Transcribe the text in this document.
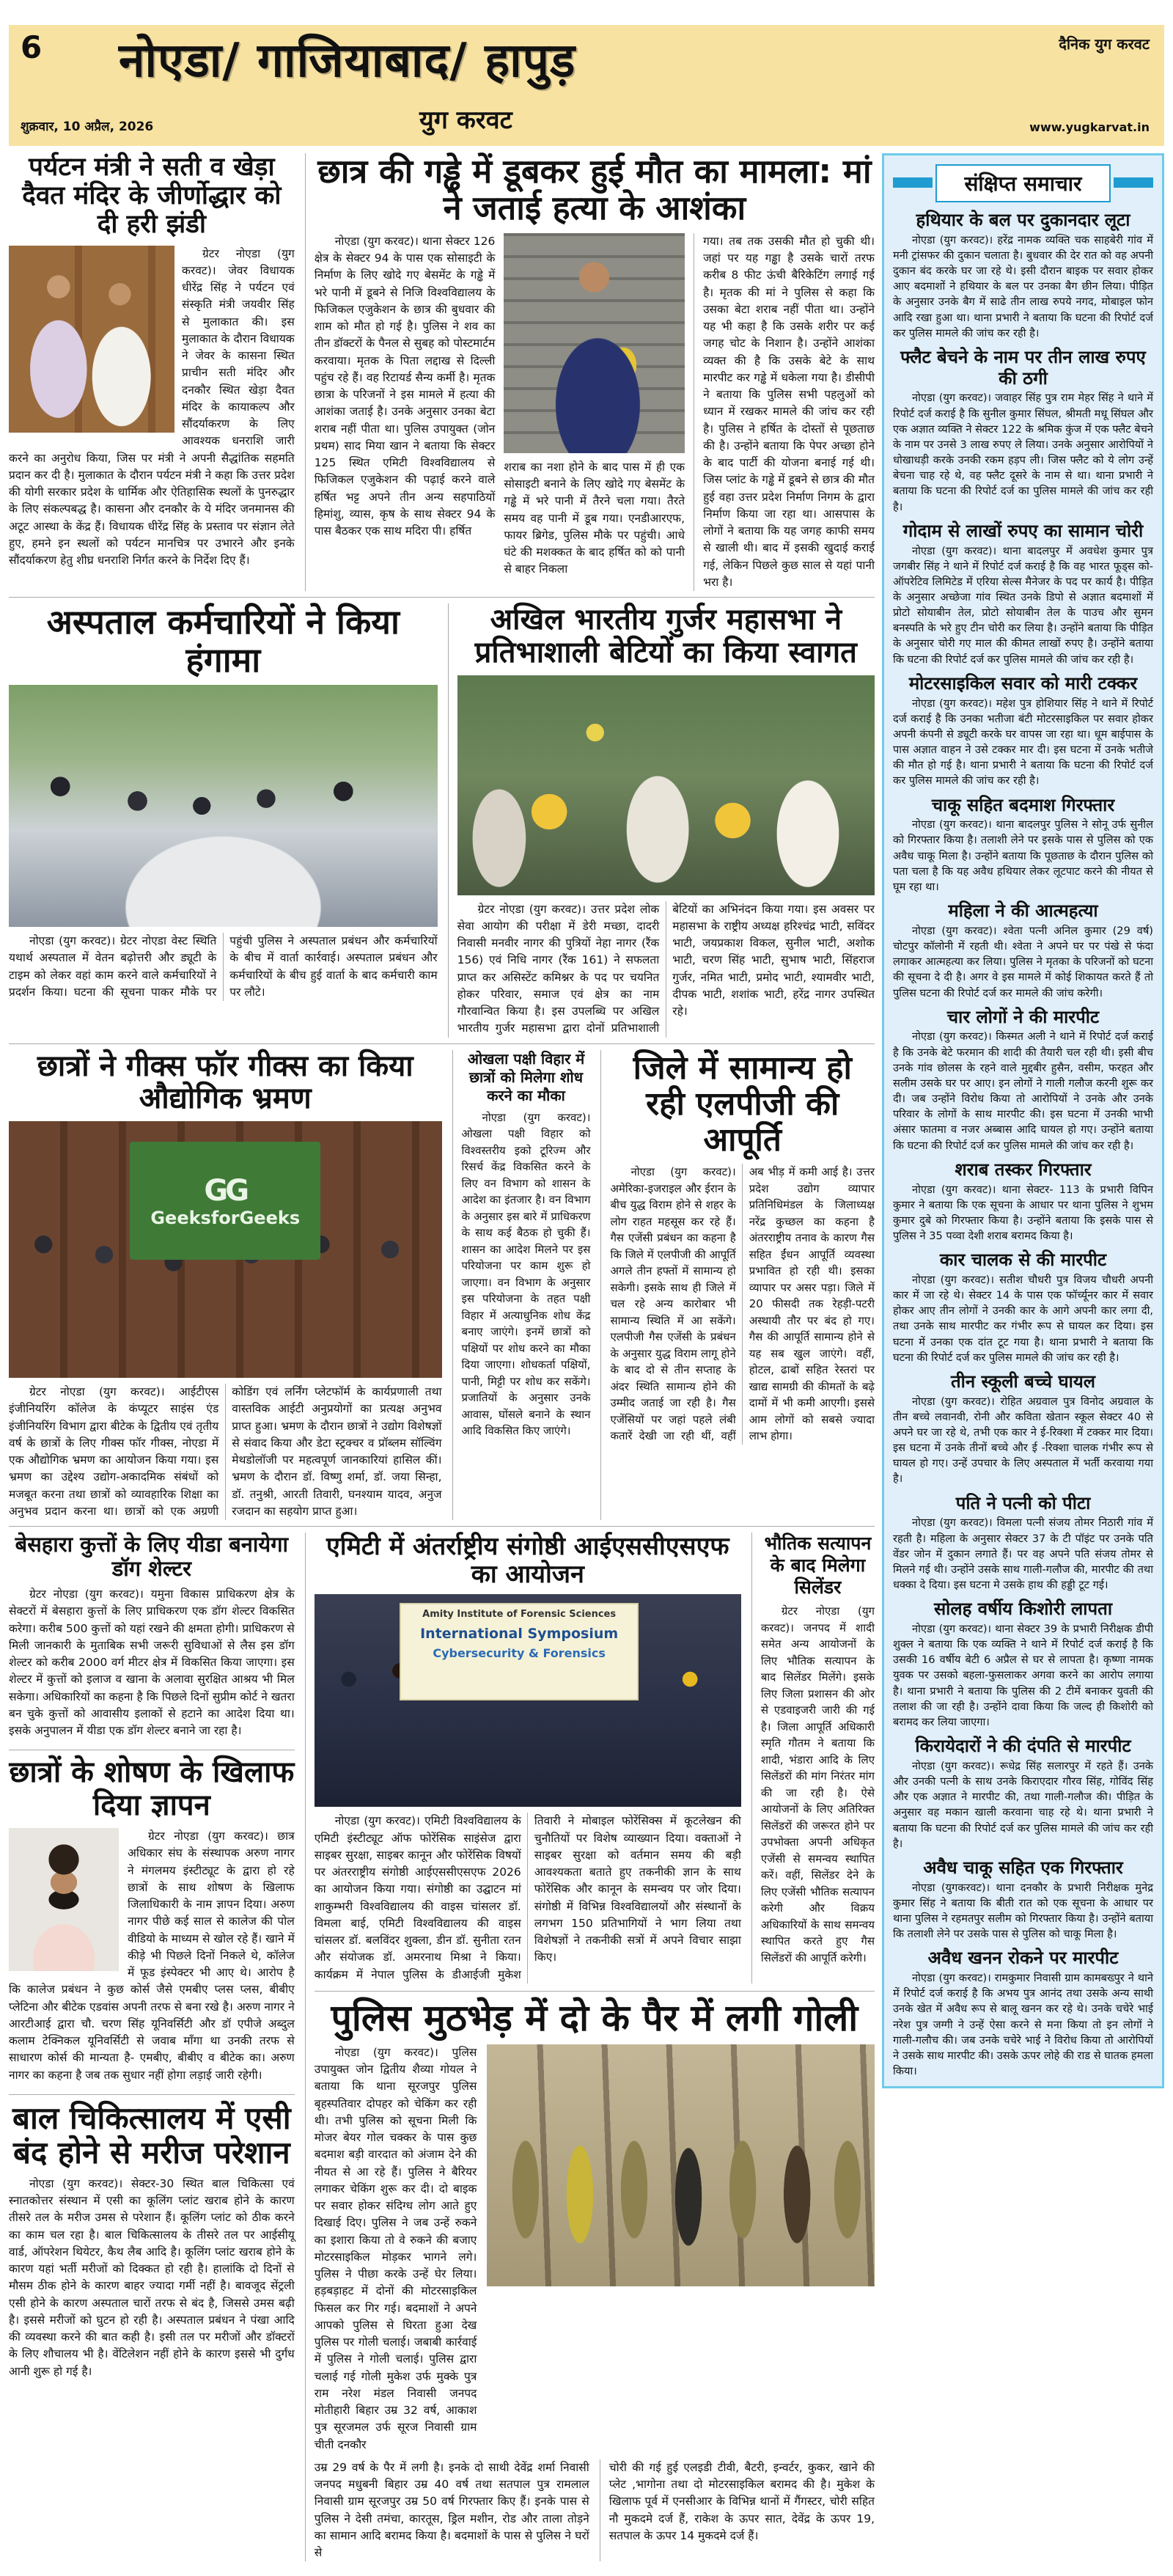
6	दैनिक युग करवट
नोएडा/ गाजियाबाद/ हापुड़
युग करवट
शुक्रवार, 10 अप्रैल, 2026	www.yugkarvat.in
पर्यटन मंत्री ने सती व खेड़ा दैवत मंदिर के जीर्णोद्धार को दी हरी झंडी

ग्रेटर नोएडा (युग करवट)। जेवर विधायक धीरेंद्र सिंह ने पर्यटन एवं संस्कृति मंत्री जयवीर सिंह से मुलाकात की। इस मुलाकात के दौरान विधायक ने जेवर के कासना स्थित प्राचीन सती मंदिर और दनकौर स्थित खेड़ा दैवत मंदिर के कायाकल्प और सौंदर्याकरण के लिए आवश्यक धनराशि जारी करने का अनुरोध किया, जिस पर मंत्री ने अपनी सैद्धांतिक सहमति प्रदान कर दी है। मुलाकात के दौरान पर्यटन मंत्री ने कहा कि उत्तर प्रदेश की योगी सरकार प्रदेश के धार्मिक और ऐतिहासिक स्थलों के पुनरुद्धार के लिए संकल्पबद्ध है। कासना और दनकौर के ये मंदिर जनमानस की अटूट आस्था के केंद्र हैं। विधायक धीरेंद्र सिंह के प्रस्ताव पर संज्ञान लेते हुए, हमने इन स्थलों को पर्यटन मानचित्र पर उभारने और इनके सौंदर्याकरण हेतु शीघ्र धनराशि निर्गत करने के निर्देश दिए हैं।

छात्र की गड्ढे में डूबकर हुई मौत का मामला: मां ने जताई हत्या के आशंका

नोएडा (युग करवट)। थाना सेक्टर 126 क्षेत्र के सेक्टर 94 के पास एक सोसाइटी के निर्माण के लिए खोदे गए बेसमेंट के गड्ढे में भरे पानी में डूबने से निजि विश्वविद्यालय के फिजिकल एजुकेशन के छात्र की बुधवार की शाम को मौत हो गई है। पुलिस ने शव का तीन डॉक्टरों के पैनल से सुबह को पोस्टमार्टम करवाया। मृतक के पिता लद्दाख से दिल्ली पहुंच रहे हैं। वह रिटायर्ड सैन्य कर्मी है। मृतक छात्रा के परिजनों ने इस मामले में हत्या की आशंका जताई है। उनके अनुसार उनका बेटा शराब नहीं पीता था। पुलिस उपायुक्त (जोन प्रथम) साद मिया खान ने बताया कि सेक्टर 125 स्थित एमिटी विश्वविद्यालय से फिजिकल एजुकेशन की पढ़ाई करने वाले हर्षित भट्ट अपने तीन अन्य सहपाठियों हिमांशु, व्यास, कृष के साथ सेक्टर 94 के पास बैठकर एक साथ मदिरा पी। हर्षित

शराब का नशा होने के बाद पास में ही एक सोसाइटी बनाने के लिए खोदे गए बेसमेंट के गड्ढे में भरे पानी में तैरने चला गया। तैरते समय वह पानी में डूब गया। एनडीआरएफ, फायर ब्रिगेड, पुलिस मौके पर पहुंची। आधे घंटे की मशक्कत के बाद हर्षित को को पानी से बाहर निकला

गया। तब तक उसकी मौत हो चुकी थी। जहां पर यह गड्ढा है उसके चारों तरफ करीब 8 फीट ऊंची बैरिकेटिंग लगाई गई है। मृतक की मां ने पुलिस से कहा कि उसका बेटा शराब नहीं पीता था। उन्होंने यह भी कहा है कि उसके शरीर पर कई जगह चोट के निशान है। उन्होंने आशंका व्यक्त की है कि उसके बेटे के साथ मारपीट कर गड्ढे में धकेला गया है। डीसीपी ने बताया कि पुलिस सभी पहलुओं को ध्यान में रखकर मामले की जांच कर रही है। पुलिस ने हर्षित के दोस्तों से पूछताछ की है। उन्होंने बताया कि पेपर अच्छा होने के बाद पार्टी की योजना बनाई गई थी। जिस प्लांट के गड्ढे में डूबने से छात्र की मौत हुई वहा उत्तर प्रदेश निर्माण निगम के द्वारा निर्माण किया जा रहा था। आसपास के लोगों ने बताया कि यह जगह काफी समय से खाली थी। बाद में इसकी खुदाई कराई गई, लेकिन पिछले कुछ साल से यहां पानी भरा है।

अस्पताल कर्मचारियों ने किया हंगामा

नोएडा (युग करवट)। ग्रेटर नोएडा वेस्ट स्थिति यथार्थ अस्पताल में वेतन बढ़ोत्तरी और ड्यूटी के टाइम को लेकर वहां काम करने वाले कर्मचारियों ने प्रदर्शन किया। घटना की सूचना पाकर मौके पर पहुंची पुलिस ने अस्पताल प्रबंधन और कर्मचारियों के बीच में वार्ता कार्रवाई। अस्पताल प्रबंधन और कर्मचारियों के बीच हुई वार्ता के बाद कर्मचारी काम पर लौटे।

अखिल भारतीय गुर्जर महासभा ने प्रतिभाशाली बेटियों का किया स्वागत

ग्रेटर नोएडा (युग करवट)। उत्तर प्रदेश लोक सेवा आयोग की परीक्षा में डेरी मच्छा, दादरी निवासी मनवीर नागर की पुत्रियों नेहा नागर (रैंक 156) एवं निधि नागर (रैंक 161) ने सफलता प्राप्त कर असिस्टेंट कमिश्नर के पद पर चयनित होकर परिवार, समाज एवं क्षेत्र का नाम गौरवान्वित किया है। इस उपलब्धि पर अखिल भारतीय गुर्जर महासभा द्वारा दोनों प्रतिभाशाली बेटियों का अभिनंदन किया गया। इस अवसर पर महासभा के राष्ट्रीय अध्यक्ष हरिश्चंद्र भाटी, सविंदर भाटी, जयप्रकाश विकल, सुनील भाटी, अशोक भाटी, चरण सिंह भाटी, सुभाष भाटी, सिंहराज गुर्जर, नमित भाटी, प्रमोद भाटी, श्यामवीर भाटी, दीपक भाटी, शशांक भाटी, हरेंद्र नागर उपस्थित रहे।

छात्रों ने गीक्स फॉर गीक्स का किया औद्योगिक भ्रमण
GG
GeeksforGeeks

ग्रेटर नोएडा (युग करवट)। आईटीएस इंजीनियरिंग कॉलेज के कंप्यूटर साइंस एंड इंजीनियरिंग विभाग द्वारा बीटेक के द्वितीय एवं तृतीय वर्ष के छात्रों के लिए गीक्स फॉर गीक्स, नोएडा में एक औद्योगिक भ्रमण का आयोजन किया गया। इस भ्रमण का उद्देश्य उद्योग-अकादमिक संबंधों को मजबूत करना तथा छात्रों को व्यावहारिक शिक्षा का अनुभव प्रदान करना था। छात्रों को एक अग्रणी कोडिंग एवं लर्निंग प्लेटफॉर्म के कार्यप्रणाली तथा वास्तविक आईटी अनुप्रयोगों का प्रत्यक्ष अनुभव प्राप्त हुआ। भ्रमण के दौरान छात्रों ने उद्योग विशेषज्ञों से संवाद किया और डेटा स्ट्रक्चर व प्रॉब्लम सॉल्विंग मेथडोलॉजी पर महत्वपूर्ण जानकारियां हासिल कीं। भ्रमण के दौरान डॉ. विष्णु शर्मा, डॉ. जया सिन्हा, डॉ. तनुश्री, आरती तिवारी, घनश्याम यादव, अनुज रजदान का सहयोग प्राप्त हुआ।

ओखला पक्षी विहार में छात्रों को मिलेगा शोध करने का मौका

नोएडा (युग करवट)। ओखला पक्षी विहार को विश्वस्तरीय इको टूरिज्म और रिसर्च केंद्र विकसित करने के लिए वन विभाग को शासन के आदेश का इंतजार है। वन विभाग के अनुसार इस बारे में प्राधिकरण के साथ कई बैठक हो चुकी हैं। शासन का आदेश मिलने पर इस परियोजना पर काम शुरू हो जाएगा। वन विभाग के अनुसार इस परियोजना के तहत पक्षी विहार में अत्याधुनिक शोध केंद्र बनाए जाएंगे। इनमें छात्रों को पक्षियों पर शोध करने का मौका दिया जाएगा। शोधकर्ता पक्षियों, पानी, मिट्टी पर शोध कर सकेंगे। प्रजातियों के अनुसार उनके आवास, घोंसले बनाने के स्थान आदि विकसित किए जाएंगे।

जिले में सामान्य हो रही एलपीजी की आपूर्ति

नोएडा (युग करवट)। अमेरिका-इजराइल और ईरान के बीच युद्ध विराम होने से शहर के लोग राहत महसूस कर रहे हैं। गैस एजेंसी प्रबंधन का कहना है कि जिले में एलपीजी की आपूर्ति अगले तीन हफ्तों में सामान्य हो सकेगी। इसके साथ ही जिले में चल रहे अन्य कारोबार भी सामान्य स्थिति में आ सकेंगे। एलपीजी गैस एजेंसी के प्रबंधन के अनुसार युद्ध विराम लागू होने के बाद दो से तीन सप्ताह के अंदर स्थिति सामान्य होने की उम्मीद जताई जा रही है। गैस एजेंसियों पर जहां पहले लंबी कतारें देखी जा रही थीं, वहीं अब भीड़ में कमी आई है। उत्तर प्रदेश उद्योग व्यापार प्रतिनिधिमंडल के जिलाध्यक्ष नरेंद्र कुच्छल का कहना है अंतरराष्ट्रीय तनाव के कारण गैस सहित ईंधन आपूर्ति व्यवस्था प्रभावित हो रही थी। इसका व्यापार पर असर पड़ा। जिले में 20 फीसदी तक रेहड़ी-पटरी अस्थायी तौर पर बंद हो गए। गैस की आपूर्ति सामान्य होने से यह सब खुल जाएंगे। वहीं, होटल, ढाबों सहित रेस्तरां पर खाद्य सामग्री की कीमतों के बढ़े दामों में भी कमी आएगी। इससे आम लोगों को सबसे ज्यादा लाभ होगा।

बेसहारा कुत्तों के लिए यीडा बनायेगा डॉग शेल्टर

ग्रेटर नोएडा (युग करवट)। यमुना विकास प्राधिकरण क्षेत्र के सेक्टरों में बेसहारा कुत्तों के लिए प्राधिकरण एक डॉग शेल्टर विकसित करेगा। करीब 500 कुत्तों को यहां रखने की क्षमता होगी। प्राधिकरण से मिली जानकारी के मुताबिक सभी जरूरी सुविधाओं से लैस इस डॉग शेल्टर को करीब 2000 वर्ग मीटर क्षेत्र में विकसित किया जाएगा। इस शेल्टर में कुत्तों को इलाज व खाना के अलावा सुरक्षित आश्रय भी मिल सकेगा। अधिकारियों का कहना है कि पिछले दिनों सुप्रीम कोर्ट ने खतरा बन चुके कुत्तों को आवासीय इलाकों से हटाने का आदेश दिया था। इसके अनुपालन में यीडा एक डॉग शेल्टर बनाने जा रहा है।

छात्रों के शोषण के खिलाफ दिया ज्ञापन

ग्रेटर नोएडा (युग करवट)। छात्र अधिकार संघ के संस्थापक अरुण नागर ने मंगलमय इंस्टीट्यूट के द्वारा हो रहे छात्रों के साथ शोषण के खिलाफ जिलाधिकारी के नाम ज्ञापन दिया। अरुण नागर पीछे कई साल से कालेज की पोल वीडियो के माध्यम से खोल रहे हैं। खाने में कीड़े भी पिछले दिनों निकले थे, कॉलेज में फूड इंस्पेक्टर भी आए थे। आरोप है कि कालेज प्रबंधन ने कुछ कोर्स जैसे एमबीए प्लस प्लस, बीबीए प्लेटिना और बीटेक एडवांस अपनी तरफ से बना रखे है। अरुण नागर ने आरटीआई द्वारा चौ. चरण सिंह यूनिवर्सिटी और डॉ एपीजे अब्दुल कलाम टेक्निकल यूनिवर्सिटी से जवाब माँगा था उनकी तरफ से साधारण कोर्स की मान्यता है- एमबीए, बीबीए व बीटेक का। अरुण नागर का कहना है जब तक सुधार नहीं होगा लड़ाई जारी रहेगी।

बाल चिकित्सालय में एसी बंद होने से मरीज परेशान

नोएडा (युग करवट)। सेक्टर-30 स्थित बाल चिकित्सा एवं स्नातकोत्तर संस्थान में एसी का कूलिंग प्लांट खराब होने के कारण तीसरे तल के मरीज उमस से परेशान हैं। कूलिंग प्लांट को ठीक करने का काम चल रहा है। बाल चिकित्सालय के तीसरे तल पर आईसीयू वार्ड, ऑपरेशन थियेटर, कैथ लैब आदि है। कूलिंग प्लांट खराब होने के कारण यहां भर्ती मरीजों को दिक्कत हो रही है। हालांकि दो दिनों से मौसम ठीक होने के कारण बाहर ज्यादा गर्मी नहीं है। बावजूद सेंट्रली एसी होने के कारण अस्पताल चारों तरफ से बंद है, जिससे उमस बढ़ी है। इससे मरीजों को घुटन हो रही है। अस्पताल प्रबंधन ने पंखा आदि की व्यवस्था करने की बात कही है। इसी तल पर मरीजों और डॉक्टरों के लिए शौचालय भी है। वेंटिलेशन नहीं होने के कारण इससे भी दुर्गंध आनी शुरू हो गई है।

एमिटी में अंतर्राष्ट्रीय संगोष्ठी आईएससीएसएफ का आयोजन
Amity Institute of Forensic Sciences
International Symposium
Cybersecurity & Forensics

नोएडा (युग करवट)। एमिटी विश्वविद्यालय के एमिटी इंस्टीट्यूट ऑफ फोरेंसिक साइंसेज द्वारा साइबर सुरक्षा, साइबर कानून और फोरेंसिक विषयों पर अंतरराष्ट्रीय संगोष्ठी आईएससीएसएफ 2026 का आयोजन किया गया। संगोष्ठी का उद्घाटन मां शाकुम्भरी विश्वविद्यालय की वाइस चांसलर डॉ. विमला बाई, एमिटी विश्वविद्यालय की वाइस चांसलर डॉ. बलविंदर शुक्ला, डीन डॉ. सुनीता रतन और संयोजक डॉ. अमरनाथ मिश्रा ने किया। कार्यक्रम में नेपाल पुलिस के डीआईजी मुकेश तिवारी ने मोबाइल फोरेंसिक्स में कूटलेखन की चुनौतियों पर विशेष व्याख्यान दिया। वक्ताओं ने साइबर सुरक्षा को वर्तमान समय की बड़ी आवश्यकता बताते हुए तकनीकी ज्ञान के साथ फोरेंसिक और कानून के समन्वय पर जोर दिया। संगोष्ठी में विभिन्न विश्वविद्यालयों और संस्थानों के लगभग 150 प्रतिभागियों ने भाग लिया तथा विशेषज्ञों ने तकनीकी सत्रों में अपने विचार साझा किए।

भौतिक सत्यापन के बाद मिलेगा सिलेंडर

ग्रेटर नोएडा (युग करवट)। जनपद में शादी समेत अन्य आयोजनों के लिए भौतिक सत्यापन के बाद सिलेंडर मिलेंगे। इसके लिए जिला प्रशासन की ओर से एडवाइजरी जारी की गई है। जिला आपूर्ति अधिकारी स्मृति गौतम ने बताया कि शादी, भंडारा आदि के लिए सिलेंडरों की मांग निरंतर मांग की जा रही है। ऐसे आयोजनों के लिए अतिरिक्त सिलेंडरों की जरूरत होने पर उपभोक्ता अपनी अधिकृत एजेंसी से समन्वय स्थापित करें। वहीं, सिलेंडर देने के लिए एजेंसी भौतिक सत्यापन करेगी और विक्रय अधिकारियों के साथ समन्वय स्थापित करते हुए गैस सिलेंडरों की आपूर्ति करेगी।

पुलिस मुठभेड़ में दो के पैर में लगी गोली

नोएडा (युग करवट)। पुलिस उपायुक्त जोन द्वितीय शैव्या गोयल ने बताया कि थाना सूरजपुर पुलिस बृहस्पतिवार दोपहर को चेकिंग कर रही थी। तभी पुलिस को सूचना मिली कि मोजर बेयर गोल चक्कर के पास कुछ बदमाश बड़ी वारदात को अंजाम देने की नीयत से आ रहे हैं। पुलिस ने बैरियर लगाकर चेकिंग शुरू कर दी। दो बाइक पर सवार होकर संदिग्ध लोग आते हुए दिखाई दिए। पुलिस ने जब उन्हें रुकने का इशारा किया तो वे रुकने की बजाए मोटरसाइकिल मोड़कर भागने लगे। पुलिस ने पीछा करके उन्हें घेर लिया। हड़बड़ाहट में दोनों की मोटरसाइकिल फिसल कर गिर गई। बदमाशों ने अपने आपको पुलिस से घिरता हुआ देख पुलिस पर गोली चलाई। जबाबी कार्रवाई में पुलिस ने गोली चलाई। पुलिस द्वारा चलाई गई गोली मुकेश उर्फ मुक्के पुत्र राम नरेश मंडल निवासी जनपद मोतीहारी बिहार उम्र 32 वर्ष, आकाश पुत्र सूरजमल उर्फ सूरज निवासी ग्राम चीती दनकौर

उम्र 29 वर्ष के पैर में लगी है। इनके दो साथी देवेंद्र शर्मा निवासी जनपद मधुबनी बिहार उम्र 40 वर्ष तथा सतपाल पुत्र रामलाल निवासी ग्राम सूरजपुर उम्र 50 वर्ष गिरफ्तार किए हैं। इनके पास से पुलिस ने देसी तमंचा, कारतूस, ड्रिल मशीन, रोड और ताला तोड़ने का सामान आदि बरामद किया है। बदमाशों के पास से पुलिस ने घरों से

चोरी की गई हुई एलइडी टीवी, बैटरी, इन्वर्टर, कुकर, खाने की प्लेट ,भागोना तथा दो मोटरसाइकिल बरामद की है। मुकेश के खिलाफ पूर्व में एनसीआर के विभिन्न थानों में गैंगस्टर, चोरी सहित नौ मुकदमे दर्ज हैं, राकेश के ऊपर सात, देवेंद्र के ऊपर 19, सतपाल के ऊपर 14 मुकदमे दर्ज हैं।

संक्षिप्त समाचार
हथियार के बल पर दुकानदार लूटा

नोएडा (युग करवट)। हरेंद्र नामक व्यक्ति चक साहबेरी गांव में मनी ट्रांसफर की दुकान चलाता है। बुधवार की देर रात को वह अपनी दुकान बंद करके घर जा रहे थे। इसी दौरान बाइक पर सवार होकर आए बदमाशों ने हथियार के बल पर उनका बैग छीन लिया। पीड़ित के अनुसार उनके बैग में साढे तीन लाख रुपये नगद, मोबाइल फोन आदि रखा हुआ था। थाना प्रभारी ने बताया कि घटना की रिपोर्ट दर्ज कर पुलिस मामले की जांच कर रही है।

फ्लैट बेचने के नाम पर तीन लाख रुपए की ठगी

नोएडा (युग करवट)। जवाहर सिंह पुत्र राम मेहर सिंह ने थाने में रिपोर्ट दर्ज कराई है कि सुनील कुमार सिंघल, श्रीमती मधू सिंघल और एक अज्ञात व्यक्ति ने सेक्टर 122 के श्रमिक कुंज में एक फ्लैट बेचने के नाम पर उनसे 3 लाख रुपए ले लिया। उनके अनुसार आरोपियों ने धोखाधड़ी करके उनकी रकम हड़प ली। जिस फ्लैट को ये लोग उन्हें बेचना चाह रहे थे, वह फ्लैट दूसरे के नाम से था। थाना प्रभारी ने बताया कि घटना की रिपोर्ट दर्ज का पुलिस मामले की जांच कर रही है।

गोदाम से लाखों रुपए का सामान चोरी

नोएडा (युग करवट)। थाना बादलपुर में अवधेश कुमार पुत्र जगबीर सिंह ने थाने में रिपोर्ट दर्ज कराई है कि वह भारत फूड्स को-ऑपरेटिव लिमिटेड में एरिया सेल्स मैनेजर के पद पर कार्य है। पीड़ित के अनुसार अच्छेजा गांव स्थित उनके डिपो से अज्ञात बदमाशों में प्रोटो सोयाबीन तेल, प्रोटो सोयाबीन तेल के पाउच और सुमन बनस्पति के भरे हुए टीन चोरी कर लिया है। उन्होंने बताया कि पीड़ित के अनुसार चोरी गए माल की कीमत लाखों रुपए है। उन्होंने बताया कि घटना की रिपोर्ट दर्ज कर पुलिस मामले की जांच कर रही है।

मोटरसाइकिल सवार को मारी टक्कर

नोएडा (युग करवट)। महेश पुत्र होशियार सिंह ने थाने में रिपोर्ट दर्ज कराई है कि उनका भतीजा बंटी मोटरसाइकिल पर सवार होकर अपनी कंपनी से ड्यूटी करके घर वापस जा रहा था। धूम बाईपास के पास अज्ञात वाहन ने उसे टक्कर मार दी। इस घटना में उनके भतीजे की मौत हो गई है। थाना प्रभारी ने बताया कि घटना की रिपोर्ट दर्ज कर पुलिस मामले की जांच कर रही है।

चाकू सहित बदमाश गिरफ्तार

नोएडा (युग करवट)। थाना बादलपुर पुलिस ने सोनू उर्फ सुनील को गिरफ्तार किया है। तलाशी लेने पर इसके पास से पुलिस को एक अवैध चाकू मिला है। उन्होंने बताया कि पूछताछ के दौरान पुलिस को पता चला है कि यह अवैध हथियार लेकर लूटपाट करने की नीयत से घूम रहा था।

महिला ने की आत्महत्या

नोएडा (युग करवट)। श्वेता पत्नी अनिल कुमार (29 वर्ष) चोटपुर कॉलोनी में रहती थी। श्वेता ने अपने घर पर पंखे से फंदा लगाकर आत्महत्या कर लिया। पुलिस ने मृतका के परिजनों को घटना की सूचना दे दी है। अगर वे इस मामले में कोई शिकायत करते हैं तो पुलिस घटना की रिपोर्ट दर्ज कर मामले की जांच करेगी।

चार लोगों ने की मारपीट

नोएडा (युग करवट)। किस्मत अली ने थाने में रिपोर्ट दर्ज कराई है कि उनके बेटे फरमान की शादी की तैयारी चल रही थी। इसी बीच उनके गांव छोलस के रहने वाले मुद्दबीर हुसैन, वसीम, फरहत और सलीम उसके घर पर आए। इन लोगों ने गाली गलौज करनी शुरू कर दी। जब उन्होंने विरोध किया तो आरोपियों ने उनके और उनके परिवार के लोगों के साथ मारपीट की। इस घटना में उनकी भाभी अंसार फातमा व नजर अब्बास आदि घायल हो गए। उन्होंने बताया कि घटना की रिपोर्ट दर्ज कर पुलिस मामले की जांच कर रही है।

शराब तस्कर गिरफ्तार

नोएडा (युग करवट)। थाना सेक्टर- 113 के प्रभारी विपिन कुमार ने बताया कि एक सूचना के आधार पर थाना पुलिस ने शुभम कुमार दुबे को गिरफ्तार किया है। उन्होंने बताया कि इसके पास से पुलिस ने 35 पव्वा देशी शराब बरामद किया है।

कार चालक से की मारपीट

नोएडा (युग करवट)। सतीश चौधरी पुत्र विजय चौधरी अपनी कार में जा रहे थे। सेक्टर 14 के पास एक फॉर्च्यूनर कार में सवार होकर आए तीन लोगों ने उनकी कार के आगे अपनी कार लगा दी, तथा उनके साथ मारपीट कर गंभीर रूप से घायल कर दिया। इस घटना में उनका एक दांत टूट गया है। थाना प्रभारी ने बताया कि घटना की रिपोर्ट दर्ज कर पुलिस मामले की जांच कर रही है।

तीन स्कूली बच्चे घायल

नोएडा (युग करवट)। रोहित अग्रवाल पुत्र विनोद अग्रवाल के तीन बच्चे लवानवी, रोनी और कविता खेतान स्कूल सेक्टर 40 से अपने घर जा रहे थे, तभी एक कार ने ई-रिक्शा में टक्कर मार दिया। इस घटना में उनके तीनों बच्चे और ई -रिक्शा चालक गंभीर रूप से घायल हो गए। उन्हें उपचार के लिए अस्पताल में भर्ती करवाया गया है।

पति ने पत्नी को पीटा

नोएडा (युग करवट)। विमला पत्नी संजय तोमर निठारी गांव में रहती है। महिला के अनुसार सेक्टर 37 के टी पॉइंट पर उनके पति वेंडर जोन में दुकान लगाते हैं। पर वह अपने पति संजय तोमर से मिलने गई थी। उन्होंने उसके साथ गाली-गलौज की, मारपीट की तथा धक्का दे दिया। इस घटना मे उसके हाथ की हड्डी टूट गई।

सोलह वर्षीय किशोरी लापता

नोएडा (युग करवट)। थाना सेक्टर 39 के प्रभारी निरीक्षक डीपी शुक्ल ने बताया कि एक व्यक्ति ने थाने में रिपोर्ट दर्ज कराई है कि उसकी 16 वर्षीय बेटी 6 अप्रैल से घर से लापता है। कृष्णा नामक युवक पर उसको बहला-फुसलाकर अगवा करने का आरोप लगाया है। थाना प्रभारी ने बताया कि पुलिस की 2 टीमें बनाकर युवती की तलाश की जा रही है। उन्होंने दावा किया कि जल्द ही किशोरी को बरामद कर लिया जाएगा।

किरायेदारों ने की दंपति से मारपीट

नोएडा (युग करवट)। रूधेद्र सिंह सलारपुर में रहते हैं। उनके और उनकी पत्नी के साथ उनके किराएदार गौरव सिंह, गोविंद सिंह और एक अज्ञात ने मारपीट की, तथा गाली-गलौज की। पीड़ित के अनुसार वह मकान खाली करवाना चाह रहे थे। थाना प्रभारी ने बताया कि घटना की रिपोर्ट दर्ज कर पुलिस मामले की जांच कर रही है।

अवैध चाकू सहित एक गिरफ्तार

नोएडा (युगकरवट)। थाना दनकौर के प्रभारी निरीक्षक मुनेद्र कुमार सिंह ने बताया कि बीती रात को एक सूचना के आधार पर थाना पुलिस ने रहमतपुर सलीम को गिरफ्तार किया है। उन्होंने बताया कि तलाशी लेने पर उसके पास से पुलिस को चाकू मिला है।

अवैध खनन रोकने पर मारपीट

नोएडा (युग करवट)। रामकुमार निवासी ग्राम कामबख्पुर ने थाने में रिपोर्ट दर्ज कराई है कि अभय पुत्र आनंद तथा उसके अन्य साथी उनके खेत में अवैध रूप से बालू खनन कर रहे थे। उनके चचेरे भाई नरेश पुत्र जग्गी ने उन्हें ऐसा करने से मना किया तो इन लोगों ने गाली-गलौच की। जब उनके चचेरे भाई ने विरोध किया तो आरोपियों ने उसके साथ मारपीट की। उसके ऊपर लोहे की राड से घातक हमला किया।
